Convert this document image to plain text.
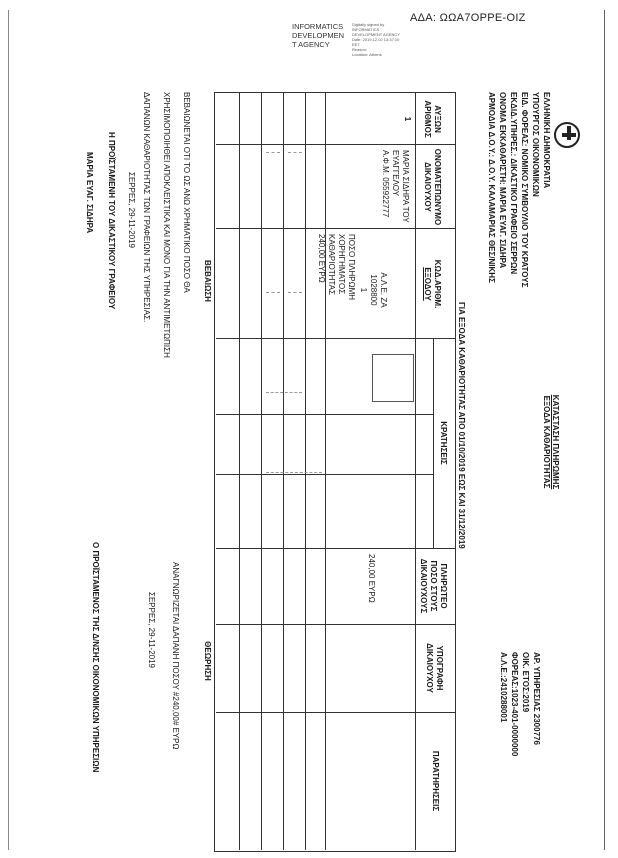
ΑΔΑ: ΩΩΑ7ΟΡΡΕ-ΟΙΖ
INFORMATICS
DEVELOPMEN
T AGENCY
Digitally signed by
INFORMATICS
DEVELOPMENT AGENCY
Date: 2019.12.02 13:37:10
EET
Reason:
Location: Athens
ΕΛΛΗΝΙΚΗ ΔΗΜΟΚΡΑΤΙΑ
ΥΠΟΥΡΓΟΣ ΟΙΚΟΝΟΜΙΚΩΝ
ΕΙΔ. ΦΟΡΕΑΣ: ΝΟΜΙΚΟ ΣΥΜΒΟΥΛΙΟ ΤΟΥ ΚΡΑΤΟΥΣ
ΕΚΔΙΔ.ΥΠΗΡΕΣ.: ΔΙΚΑΣΤΙΚΟ ΓΡΑΦΕΙΟ ΣΕΡΡΩΝ
ΟΝΟΜΑ ΕΚΚΑΘΑΡΙΣΤΗ: ΜΑΡΙΑ ΕΥΑΓ. ΣΙΔΗΡΑ
ΑΡΜΟΔΙΑ Δ.Ο.Υ.: Δ.Ο.Υ. ΚΑΛΑΜΑΡΙΑΣ ΘΕΣ/ΝΙΚΗΣ
ΚΑΤΑΣΤΑΣΗ ΠΛΗΡΩΜΗΣ
ΕΞΟΔΑ ΚΑΘΑΡΙΟΤΗΤΑΣ
ΑΡ. ΥΠΗΡΕΣΙΑΣ 2300776
ΟΙΚ. ΕΤΟΣ:2019
ΦΟΡΕΑΣ:1023-401-0000000
Α.Λ.Ε.:2410288001
ΓΙΑ ΕΞΟΔΑ ΚΑΘΑΡΙΟΤΗΤΑΣ ΑΠΟ 01/10/2019 ΕΩΣ ΚΑΙ 31/12/2019
ΑΥΞΩΝ
ΑΡΙΘΜΟΣ
ΟΝΟΜΑΤΕΠΩΝΥΜΟ
ΔΙΚΑΙΟΥΧΟΥ
ΚΩΔ.ΑΡΙΘΜ.
ΕΞΟΔΟΥ
ΚΡΑΤΗΣΕΙΣ
ΠΛΗΡΩΤΕΟ
ΠΟΣΟ ΣΤΟΥΣ
ΔΙΚΑΙΟΥΧΟΥΣ
ΥΠΟΓΡΑΦΗ
ΔΙΚΑΙΟΥΧΟΥ
ΠΑΡΑΤΗΡΗΣΕΙΣ
1
ΜΑΡΙΑ ΣΙΔΗΡΑ ΤΟΥ
ΕΥΑΓΓΕΛΟΥ
Α.Φ.Μ. 055922777
Α.Λ.Ε. ΖΑ
1028800
1
ΠΟΣΟ ΠΛΗΡΩΜΗ
ΧΟΡΗΓΗΜΑΤΟΣ
ΚΑΘΑΡΙΟΤΗΤΑΣ
240,00 ΕΥΡΩ
240,00 ΕΥΡΩ
ΒΕΒΑΙΩΣΗ
ΘΕΩΡΗΣΗ
ΒΕΒΑΙΩΝΕΤΑΙ ΟΤΙ ΤΟ ΩΣ ΑΝΩ ΧΡΗΜΑΤΙΚΟ ΠΟΣΟ ΘΑ
ΧΡΗΣΙΜΟΠΟΙΗΘΕΙ ΑΠΟΚΛΕΙΣΤΙΚΑ ΚΑΙ ΜΟΝΟ ΓΙΑ ΤΗΝ ΑΝΤΙΜΕΤΩΠΙΣΗ
ΔΑΠΑΝΩΝ ΚΑΘΑΡΙΟΤΗΤΑΣ ΤΩΝ ΓΡΑΦΕΙΩΝ ΤΗΣ ΥΠΗΡΕΣΙΑΣ.
ΣΕΡΡΕΣ, 29-11-2019
Η ΠΡΟΪΣΤΑΜΕΝΗ ΤΟΥ ΔΙΚΑΣΤΙΚΟΥ ΓΡΑΦΕΙΟΥ
ΜΑΡΙΑ ΕΥΑΓ. ΣΙΔΗΡΑ
ΑΝΑΓΝΩΡΙΖΕΤΑΙ ΔΑΠΑΝΗ ΠΟΣΟΥ #240,00# ΕΥΡΩ
ΣΕΡΡΕΣ, 29-11-2019
Ο ΠΡΟΪΣΤΑΜΕΝΟΣ ΤΗΣ Δ/ΝΣΗΣ ΟΙΚΟΝΟΜΙΚΩΝ ΥΠΗΡΕΣΙΩΝ
